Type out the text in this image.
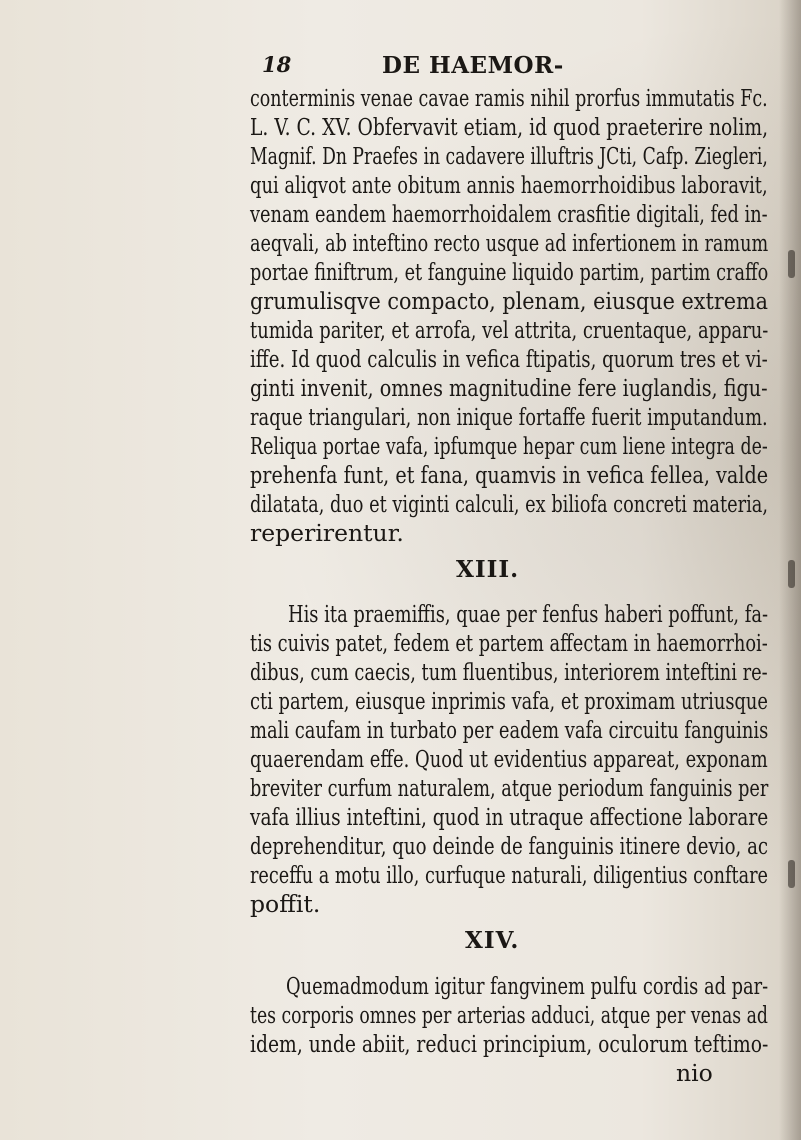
18	DE HAEMOR-
conterminis venae cavae ramis nihil prorfus immutatis Fc.
L. V. C. XV. Obfervavit etiam, id quod praeterire nolim,
Magnif. Dn Praefes in cadavere illuftris JCti, Cafp. Ziegleri,
qui aliqvot ante obitum annis haemorrhoidibus laboravit,
venam eandem haemorrhoidalem crasfitie digitali, fed in-
aeqvali, ab inteftino recto usque ad infertionem in ramum
portae finiftrum, et fanguine liquido partim, partim craffo
grumulisqve compacto, plenam, eiusque extrema
tumida pariter, et arrofa, vel attrita, cruentaque, apparu-
iffe. Id quod calculis in vefica ftipatis, quorum tres et vi-
ginti invenit, omnes magnitudine fere iuglandis, figu-
raque triangulari, non inique fortaffe fuerit imputandum.
Reliqua portae vafa, ipfumque hepar cum liene integra de-
prehenfa funt, et fana, quamvis in vefica fellea, valde
dilatata, duo et viginti calculi, ex biliofa concreti materia,
reperirentur.
XIII.
His ita praemiffis, quae per fenfus haberi poffunt, fa-
tis cuivis patet, fedem et partem affectam in haemorrhoi-
dibus, cum caecis, tum fluentibus, interiorem inteftini re-
cti partem, eiusque inprimis vafa, et proximam utriusque
mali caufam in turbato per eadem vafa circuitu fanguinis
quaerendam effe. Quod ut evidentius appareat, exponam
breviter curfum naturalem, atque periodum fanguinis per
vafa illius inteftini, quod in utraque affectione laborare
deprehenditur, quo deinde de fanguinis itinere devio, ac
receffu a motu illo, curfuque naturali, diligentius conftare
poffit.
XIV.
Quemadmodum igitur fangvinem pulfu cordis ad par-
tes corporis omnes per arterias adduci, atque per venas ad
idem, unde abiit, reduci principium, oculorum teftimo-
nio
